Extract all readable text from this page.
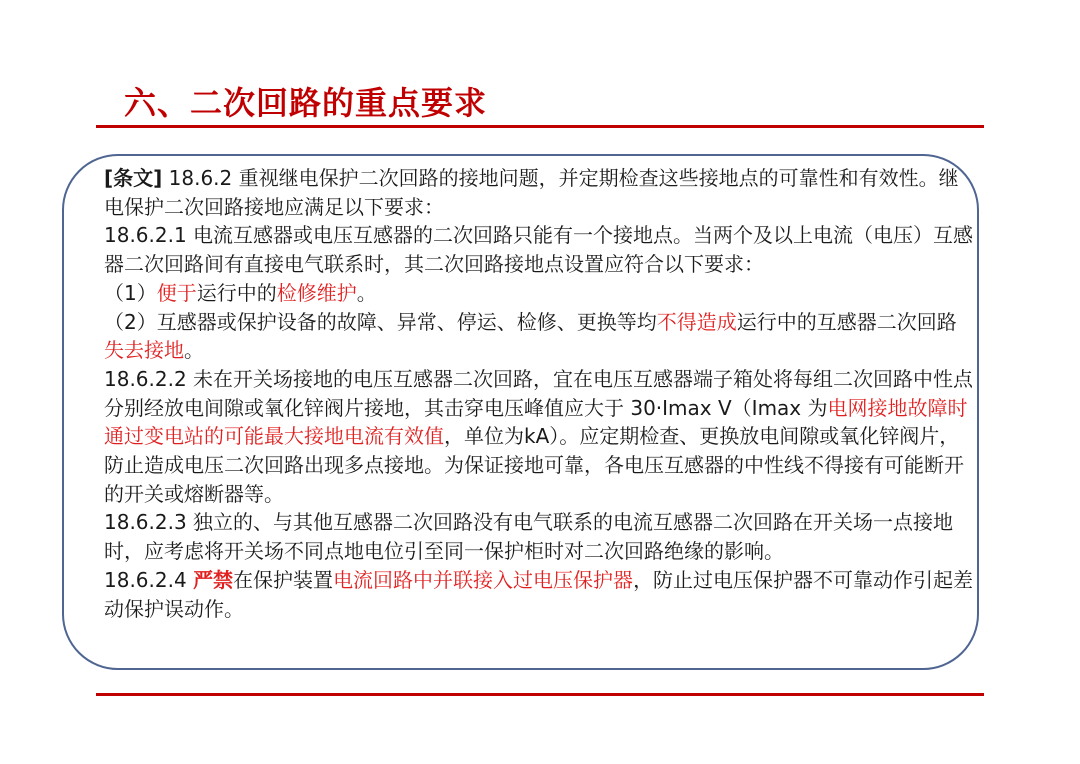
六、二次回路的重点要求

[条文] 18.6.2 重视继电保护二次回路的接地问题，并定期检查这些接地点的可靠性和有效性。继电保护二次回路接地应满足以下要求：

18.6.2.1 电流互感器或电压互感器的二次回路只能有一个接地点。当两个及以上电流（电压）互感器二次回路间有直接电气联系时，其二次回路接地点设置应符合以下要求：

（1）便于运行中的检修维护。

（2）互感器或保护设备的故障、异常、停运、检修、更换等均不得造成运行中的互感器二次回路失去接地。

18.6.2.2 未在开关场接地的电压互感器二次回路，宜在电压互感器端子箱处将每组二次回路中性点分别经放电间隙或氧化锌阀片接地，其击穿电压峰值应大于 30·Imax V（Imax 为电网接地故障时通过变电站的可能最大接地电流有效值，单位为kA）。应定期检查、更换放电间隙或氧化锌阀片，防止造成电压二次回路出现多点接地。为保证接地可靠，各电压互感器的中性线不得接有可能断开的开关或熔断器等。

18.6.2.3 独立的、与其他互感器二次回路没有电气联系的电流互感器二次回路在开关场一点接地时，应考虑将开关场不同点地电位引至同一保护柜时对二次回路绝缘的影响。

18.6.2.4 严禁在保护装置电流回路中并联接入过电压保护器，防止过电压保护器不可靠动作引起差动保护误动作。
